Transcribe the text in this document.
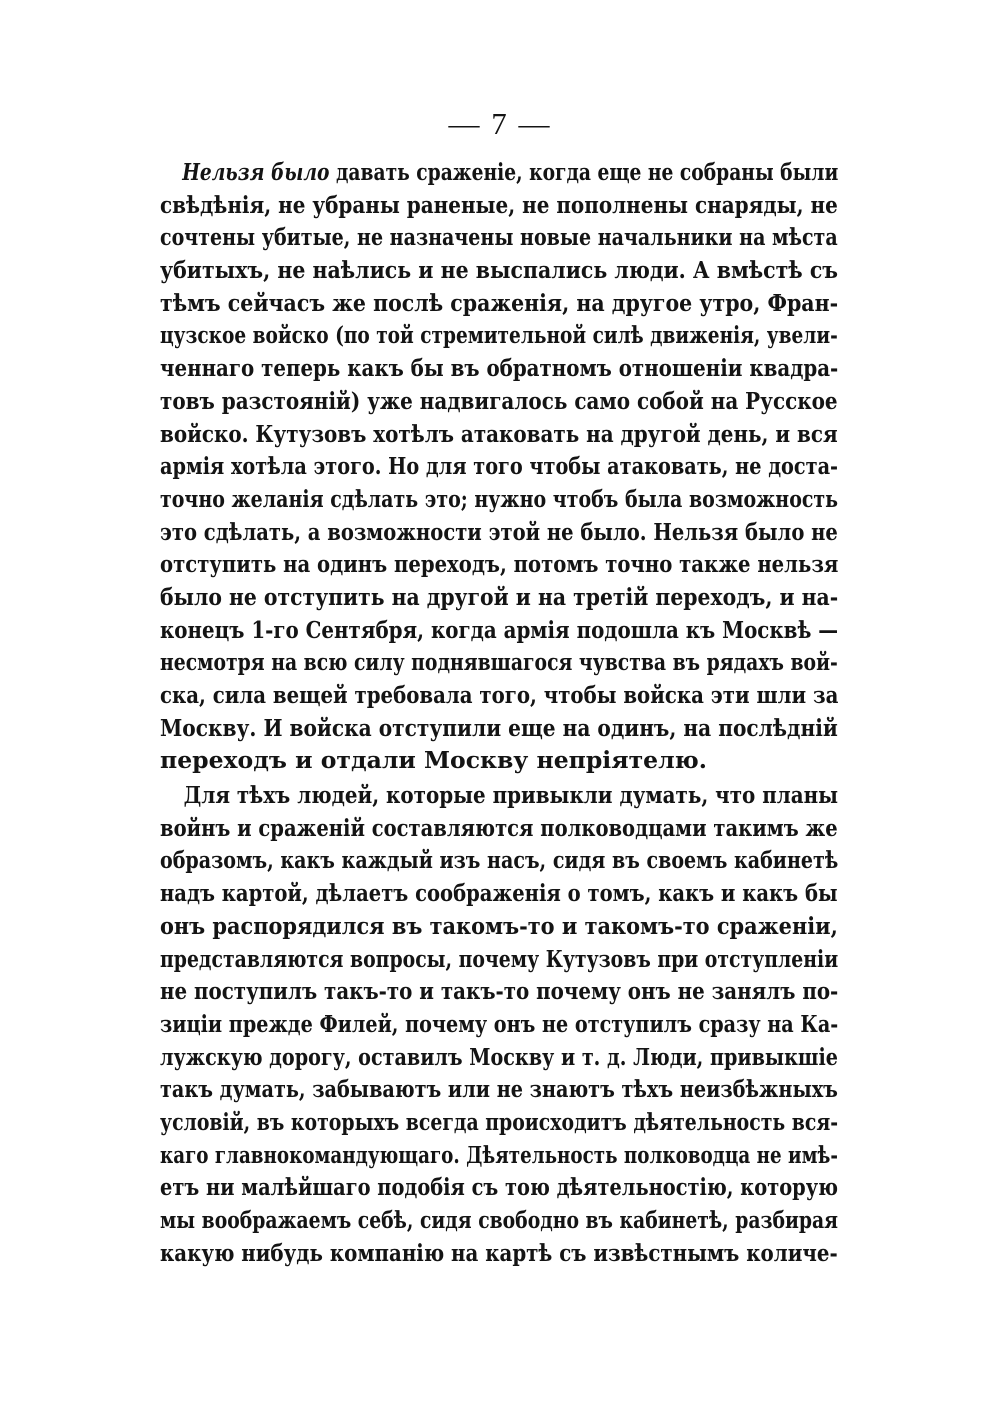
— 7 —
Нельзя было давать сраженіе, когда еще не собраны были
свѣдѣнія, не убраны раненые, не пополнены снаряды, не
сочтены убитые, не назначены новые начальники на мѣста
убитыхъ, не наѣлись и не выспались люди. А вмѣстѣ съ
тѣмъ сейчасъ же послѣ сраженія, на другое утро, Фран-
цузское войско (по той стремительной силѣ движенія, увели-
ченнаго теперь какъ бы въ обратномъ отношеніи квадра-
товъ разстояній) уже надвигалось само собой на Русское
войско. Кутузовъ хотѣлъ атаковать на другой день, и вся
армія хотѣла этого. Но для того чтобы атаковать, не доста-
точно желанія сдѣлать это; нужно чтобъ была возможность
это сдѣлать, а возможности этой не было. Нельзя было не
отступить на одинъ переходъ, потомъ точно также нельзя
было не отступить на другой и на третій переходъ, и на-
конецъ 1-го Сентября, когда армія подошла къ Москвѣ —
несмотря на всю силу поднявшагося чувства въ рядахъ вой-
ска, сила вещей требовала того, чтобы войска эти шли за
Москву. И войска отступили еще на одинъ, на послѣдній
переходъ и отдали Москву непріятелю.
Для тѣхъ людей, которые привыкли думать, что планы
войнъ и сраженій составляются полководцами такимъ же
образомъ, какъ каждый изъ насъ, сидя въ своемъ кабинетѣ
надъ картой, дѣлаетъ соображенія о томъ, какъ и какъ бы
онъ распорядился въ такомъ-то и такомъ-то сраженіи,
представляются вопросы, почему Кутузовъ при отступленіи
не поступилъ такъ-то и такъ-то почему онъ не занялъ по-
зиціи прежде Филей, почему онъ не отступилъ сразу на Ка-
лужскую дорогу, оставилъ Москву и т. д. Люди, привыкшіе
такъ думать, забываютъ или не знаютъ тѣхъ неизбѣжныхъ
условій, въ которыхъ всегда происходитъ дѣятельность вся-
каго главнокомандующаго. Дѣятельность полководца не имѣ-
етъ ни малѣйшаго подобія съ тою дѣятельностію, которую
мы воображаемъ себѣ, сидя свободно въ кабинетѣ, разбирая
какую нибудь компанію на картѣ съ извѣстнымъ количе-
